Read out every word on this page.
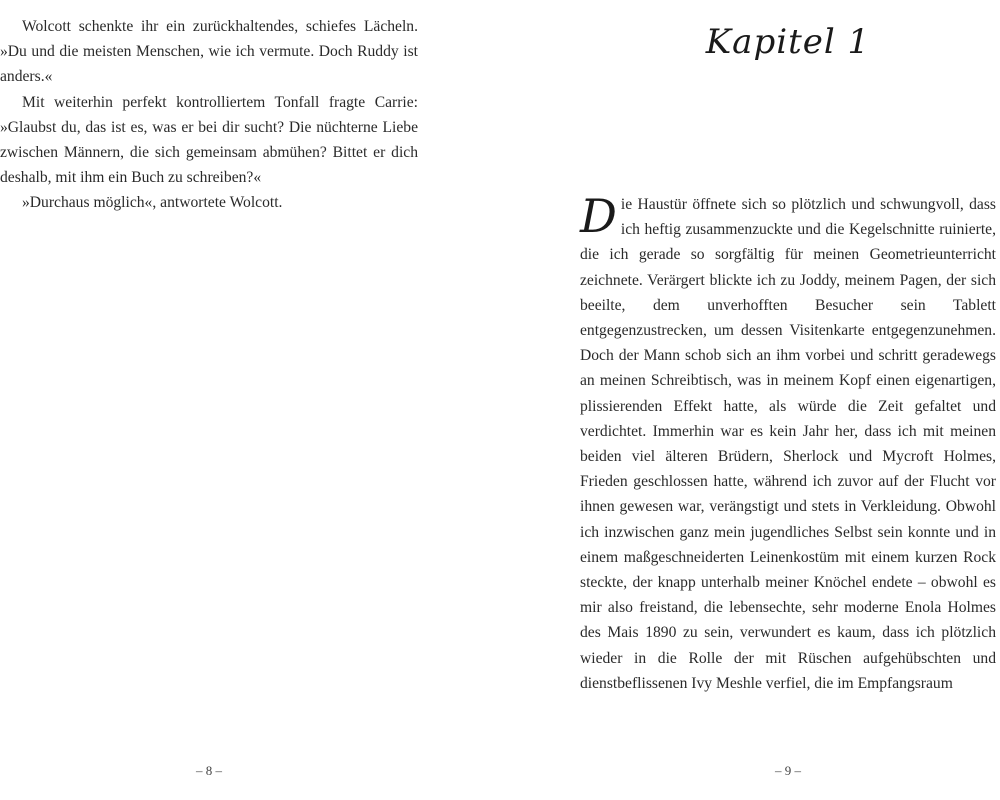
Wolcott schenkte ihr ein zurückhaltendes, schiefes Lächeln. »Du und die meisten Menschen, wie ich vermute. Doch Ruddy ist anders.«

Mit weiterhin perfekt kontrolliertem Tonfall fragte Carrie: »Glaubst du, das ist es, was er bei dir sucht? Die nüchterne Liebe zwischen Männern, die sich gemeinsam abmühen? Bittet er dich deshalb, mit ihm ein Buch zu schreiben?«

»Durchaus möglich«, antwortete Wolcott.

– 8 –
Kapitel 1

Die Haustür öffnete sich so plötzlich und schwungvoll, dass ich heftig zusammenzuckte und die Kegelschnitte ruinierte, die ich gerade so sorgfältig für meinen Geometrieunterricht zeichnete. Verärgert blickte ich zu Joddy, meinem Pagen, der sich beeilte, dem unverhofften Besucher sein Tablett entgegenzustrecken, um dessen Visitenkarte entgegenzunehmen. Doch der Mann schob sich an ihm vorbei und schritt geradewegs an meinen Schreibtisch, was in meinem Kopf einen eigenartigen, plissierenden Effekt hatte, als würde die Zeit gefaltet und verdichtet. Immerhin war es kein Jahr her, dass ich mit meinen beiden viel älteren Brüdern, Sherlock und Mycroft Holmes, Frieden geschlossen hatte, während ich zuvor auf der Flucht vor ihnen gewesen war, verängstigt und stets in Verkleidung. Obwohl ich inzwischen ganz mein jugendliches Selbst sein konnte und in einem maßgeschneiderten Leinenkostüm mit einem kurzen Rock steckte, der knapp unterhalb meiner Knöchel endete – obwohl es mir also freistand, die lebensechte, sehr moderne Enola Holmes des Mais 1890 zu sein, verwundert es kaum, dass ich plötzlich wieder in die Rolle der mit Rüschen aufgehübschten und dienstbeflissenen Ivy Meshle verfiel, die im Empfangsraum

– 9 –
